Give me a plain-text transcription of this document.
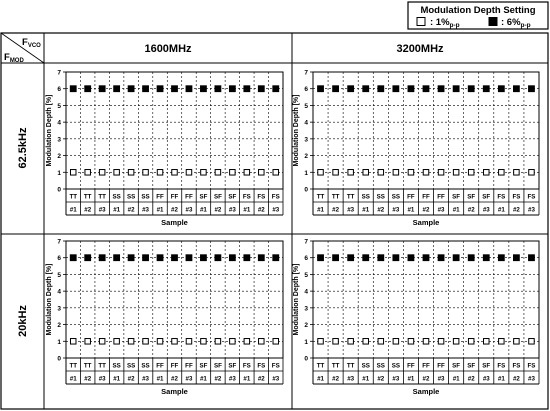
Modulation Depth Setting
: $1\%_{p-p}$	: $6\%_{p-p}$
$F_{VCO}$
$F_{MOD}$
1600MHz	3200MHz
62.5kHz
20kHz
0
1
2
3
4
5
6
7
TT
#1
TT
#2
TT
#3
SS
#1
SS
#2
SS
#3
FF
#1
FF
#2
FF
#3
SF
#1
SF
#2
SF
#3
FS
#1
FS
#2
FS
#3
Sample
Modulation Depth [%]
0
1
2
3
4
5
6
7
TT
#1
TT
#2
TT
#3
SS
#1
SS
#2
SS
#3
FF
#1
FF
#2
FF
#3
SF
#1
SF
#2
SF
#3
FS
#1
FS
#2
FS
#3
Sample
Modulation Depth [%]
0
1
2
3
4
5
6
7
TT
#1
TT
#2
TT
#3
SS
#1
SS
#2
SS
#3
FF
#1
FF
#2
FF
#3
SF
#1
SF
#2
SF
#3
FS
#1
FS
#2
FS
#3
Sample
Modulation Depth [%]
0
1
2
3
4
5
6
7
TT
#1
TT
#2
TT
#3
SS
#1
SS
#2
SS
#3
FF
#1
FF
#2
FF
#3
SF
#1
SF
#2
SF
#3
FS
#1
FS
#2
FS
#3
Sample
Modulation Depth [%]
